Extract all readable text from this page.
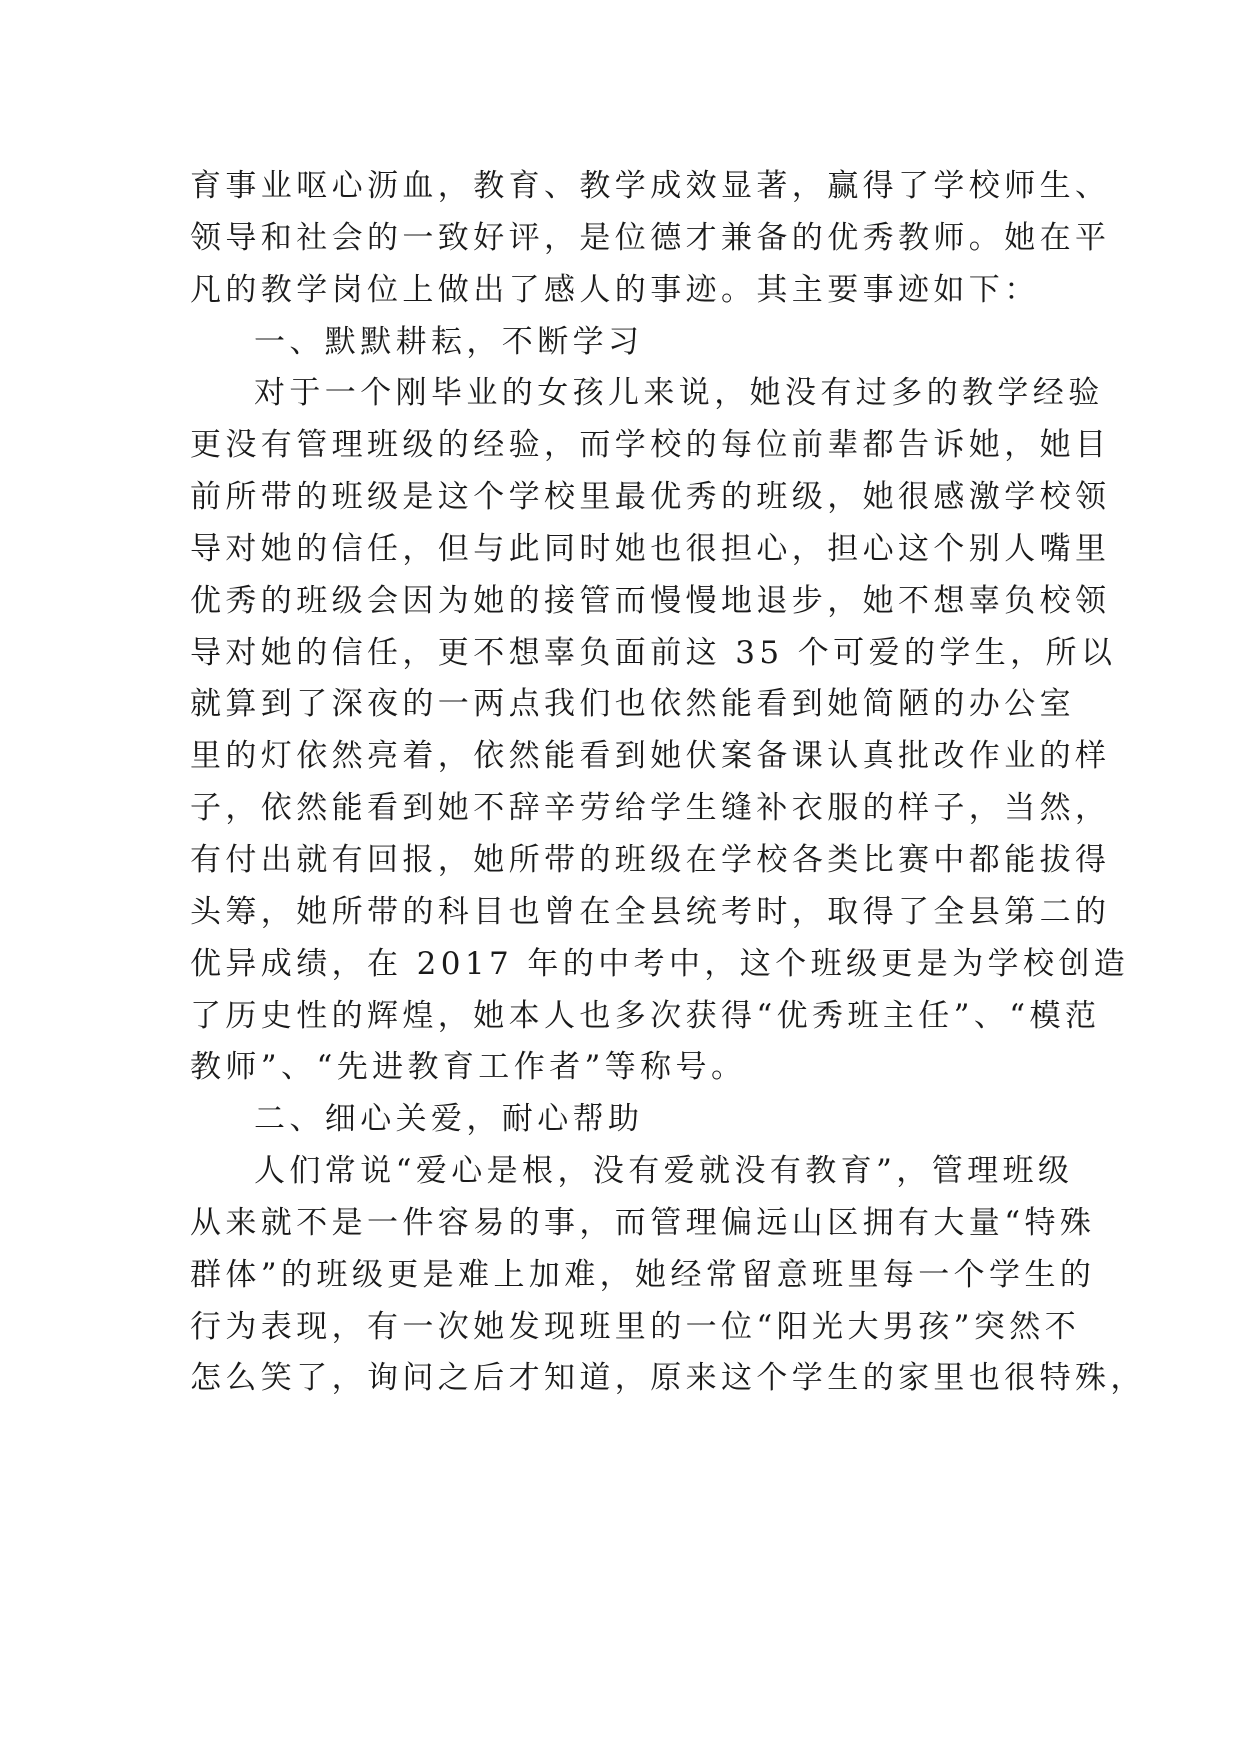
育事业呕心沥血，教育、教学成效显著，赢得了学校师生、
领导和社会的一致好评，是位德才兼备的优秀教师。她在平
凡的教学岗位上做出了感人的事迹。其主要事迹如下：
一、默默耕耘，不断学习
对于一个刚毕业的女孩儿来说，她没有过多的教学经验
更没有管理班级的经验，而学校的每位前辈都告诉她，她目
前所带的班级是这个学校里最优秀的班级，她很感激学校领
导对她的信任，但与此同时她也很担心，担心这个别人嘴里
优秀的班级会因为她的接管而慢慢地退步，她不想辜负校领
导对她的信任，更不想辜负面前这 35 个可爱的学生，所以
就算到了深夜的一两点我们也依然能看到她简陋的办公室
里的灯依然亮着，依然能看到她伏案备课认真批改作业的样
子，依然能看到她不辞辛劳给学生缝补衣服的样子，当然，
有付出就有回报，她所带的班级在学校各类比赛中都能拔得
头筹，她所带的科目也曾在全县统考时，取得了全县第二的
优异成绩，在 2017 年的中考中，这个班级更是为学校创造
了历史性的辉煌，她本人也多次获得“优秀班主任”、“模范
教师”、“先进教育工作者”等称号。
二、细心关爱，耐心帮助
人们常说“爱心是根，没有爱就没有教育”，管理班级
从来就不是一件容易的事，而管理偏远山区拥有大量“特殊
群体”的班级更是难上加难，她经常留意班里每一个学生的
行为表现，有一次她发现班里的一位“阳光大男孩”突然不
怎么笑了，询问之后才知道，原来这个学生的家里也很特殊，
